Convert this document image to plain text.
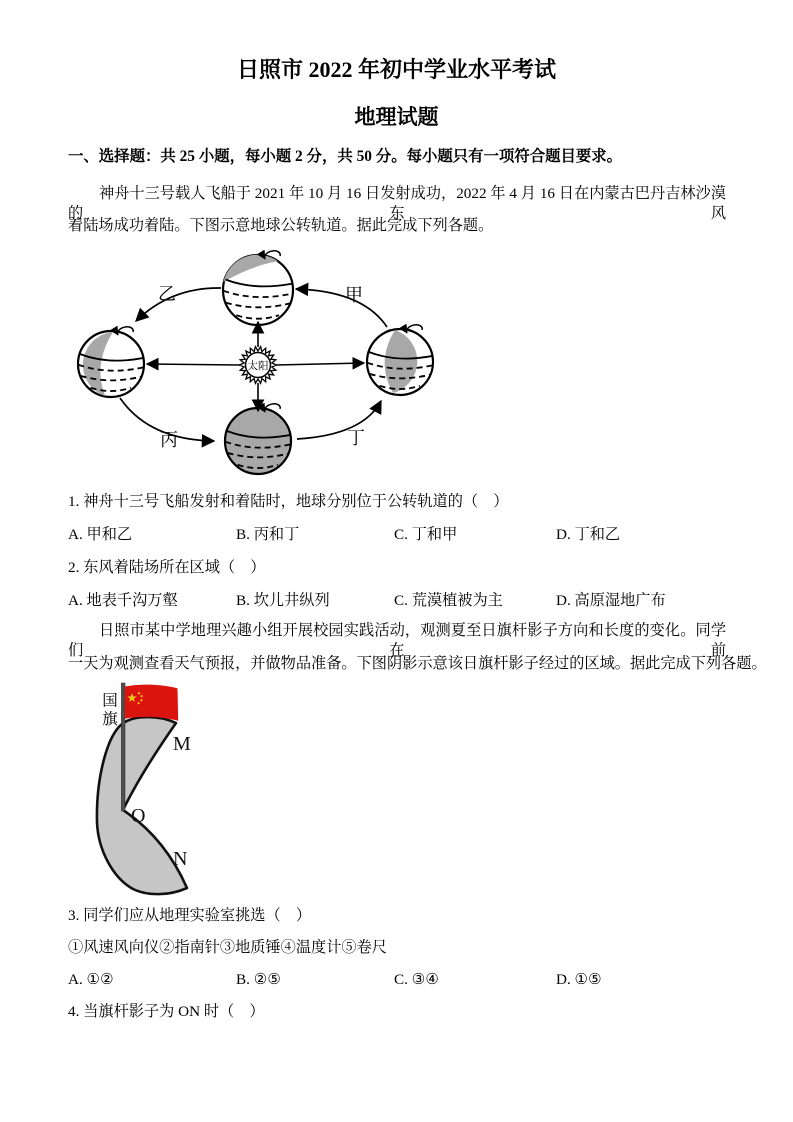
日照市 2022 年初中学业水平考试
地理试题
一、选择题：共 25 小题，每小题 2 分，共 50 分。每小题只有一项符合题目要求。
神舟十三号载人飞船于 2021 年 10 月 16 日发射成功，2022 年 4 月 16 日在内蒙古巴丹吉林沙漠的东风
着陆场成功着陆。下图示意地球公转轨道。据此完成下列各题。
太阳
乙	甲
丙	丁
1. 神舟十三号飞船发射和着陆时，地球分别位于公转轨道的（　）
A. 甲和乙	B. 丙和丁	C. 丁和甲	D. 丁和乙
2. 东风着陆场所在区域（　）
A. 地表千沟万壑	B. 坎儿井纵列	C. 荒漠植被为主	D. 高原湿地广布
日照市某中学地理兴趣小组开展校园实践活动，观测夏至日旗杆影子方向和长度的变化。同学们在前
一天为观测查看天气预报，并做物品准备。下图阴影示意该日旗杆影子经过的区域。据此完成下列各题。
国旗
M
O
N
3. 同学们应从地理实验室挑选（　）
①风速风向仪②指南针③地质锤④温度计⑤卷尺
A. ①②	B. ②⑤	C. ③④	D. ①⑤
4. 当旗杆影子为 ON 时（　）
